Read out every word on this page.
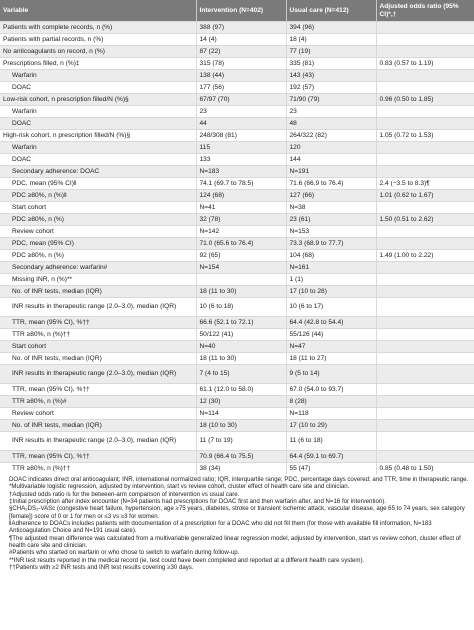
Variable	Intervention (N=402)	Usual care (N=412)	Adjusted odds ratio (95% CI)*,†
Patients with complete records, n (%)	388 (97)	394 (96)	
Patients with partial records, n (%)	14 (4)	18 (4)	
No anticoagulants on record, n (%)	87 (22)	77 (19)	
Prescriptions filled, n (%)‡	315 (78)	335 (81)	0.83 (0.57 to 1.19)
Warfarin	138 (44)	143 (43)	
DOAC	177 (56)	192 (57)	
Low-risk cohort, n prescription filled/N (%)§	67/97 (70)	71/90 (79)	0.96 (0.50 to 1.85)
Warfarin	23	23	
DOAC	44	48	
High-risk cohort, n prescription filled/N (%)§	248/308 (81)	264/322 (82)	1.05 (0.72 to 1.53)
Warfarin	115	120	
DOAC	133	144	
Secondary adherence: DOAC	N=183	N=191	
PDC, mean (95% CI)‖	74.1 (69.7 to 78.5)	71.6 (66.9 to 76.4)	2.4 (−3.5 to 8.3)¶
PDC ≥80%, n (%)‖	124 (68)	127 (66)	1.01 (0.62 to 1.67)
Start cohort	N=41	N=38	
PDC ≥80%, n (%)	32 (78)	23 (61)	1.50 (0.51 to 2.62)
Review cohort	N=142	N=153	
PDC, mean (95% CI)	71.0 (65.6 to 76.4)	73.3 (68.9 to 77.7)	
PDC ≥80%, n (%)	92 (65)	104 (68)	1.49 (1.00 to 2.22)
Secondary adherence: warfarin#	N=154	N=161	
Missing INR, n (%)**		1 (1)	
No. of INR tests, median (IQR)	18 (11 to 30)	17 (10 to 28)	
INR results in therapeutic range (2.0–3.0), median (IQR)	10 (6 to 18)	10 (6 to 17)	
TTR, mean (95% CI), %††	66.6 (52.1 to 72.1)	64.4 (42.8 to 54.4)	
TTR ≥80%, n (%)††	50/122 (41)	55/126 (44)	
Start cohort	N=40	N=47	
No. of INR tests, median (IQR)	18 (11 to 30)	18 (11 to 27)	
INR results in therapeutic range (2.0–3.0), median (IQR)	7 (4 to 15)	9 (5 to 14)	
TTR, mean (95% CI), %††	61.1 (12.0 to 58.0)	67.0 (54.0 to 93.7)	
TTR ≥80%, n (%)#	12 (30)	8 (28)	
Review cohort	N=114	N=118	
No. of INR tests, median (IQR)	18 (10 to 30)	17 (10 to 29)	
INR results in therapeutic range (2.0–3.0), median (IQR)	11 (7 to 19)	11 (6 to 18)	
TTR, mean (95% CI), %††	70.9 (66.4 to 75.5)	64.4 (59.1 to 69.7)	
TTR ≥80%, n (%)††	38 (34)	55 (47)	0.85 (0.48 to 1.50)
DOAC indicates direct oral anticoagulant; INR, international normalized ratio; IQR, interquartile range; PDC, percentage days covered; and TTR, time in therapeutic range.
*Multivariable logistic regression, adjusted by intervention, start vs review cohort, cluster effect of health care site and clinician.
†Adjusted odds ratio is for the between-arm comparison of intervention vs usual care.
‡Initial prescription after index encounter (N=34 patients had prescriptions for DOAC first and then warfarin after, and N=16 for intervention).
§CHA₂DS₂-VASc (congestive heart failure, hypertension, age ≥75 years, diabetes, stroke or transient ischemic attack, vascular disease, age 65 to 74 years, sex category [female]) score of 0 or 1 for men or ≤3 vs ≥3 for women.
‖Adherence to DOACs includes patients with documentation of a prescription for a DOAC who did not fill them (for those with available fill information, N=183 Anticoagulation Choice and N=191 usual care).
¶The adjusted mean difference was calculated from a multivariable generalized linear regression model, adjusted by intervention, start vs review cohort, cluster effect of health care site and clinician.
#Patients who started on warfarin or who chose to switch to warfarin during follow-up.
**INR test results reported in the medical record (ie, test could have been completed and reported at a different health care system).
††Patients with ≥2 INR tests and INR test results covering ≥30 days.
